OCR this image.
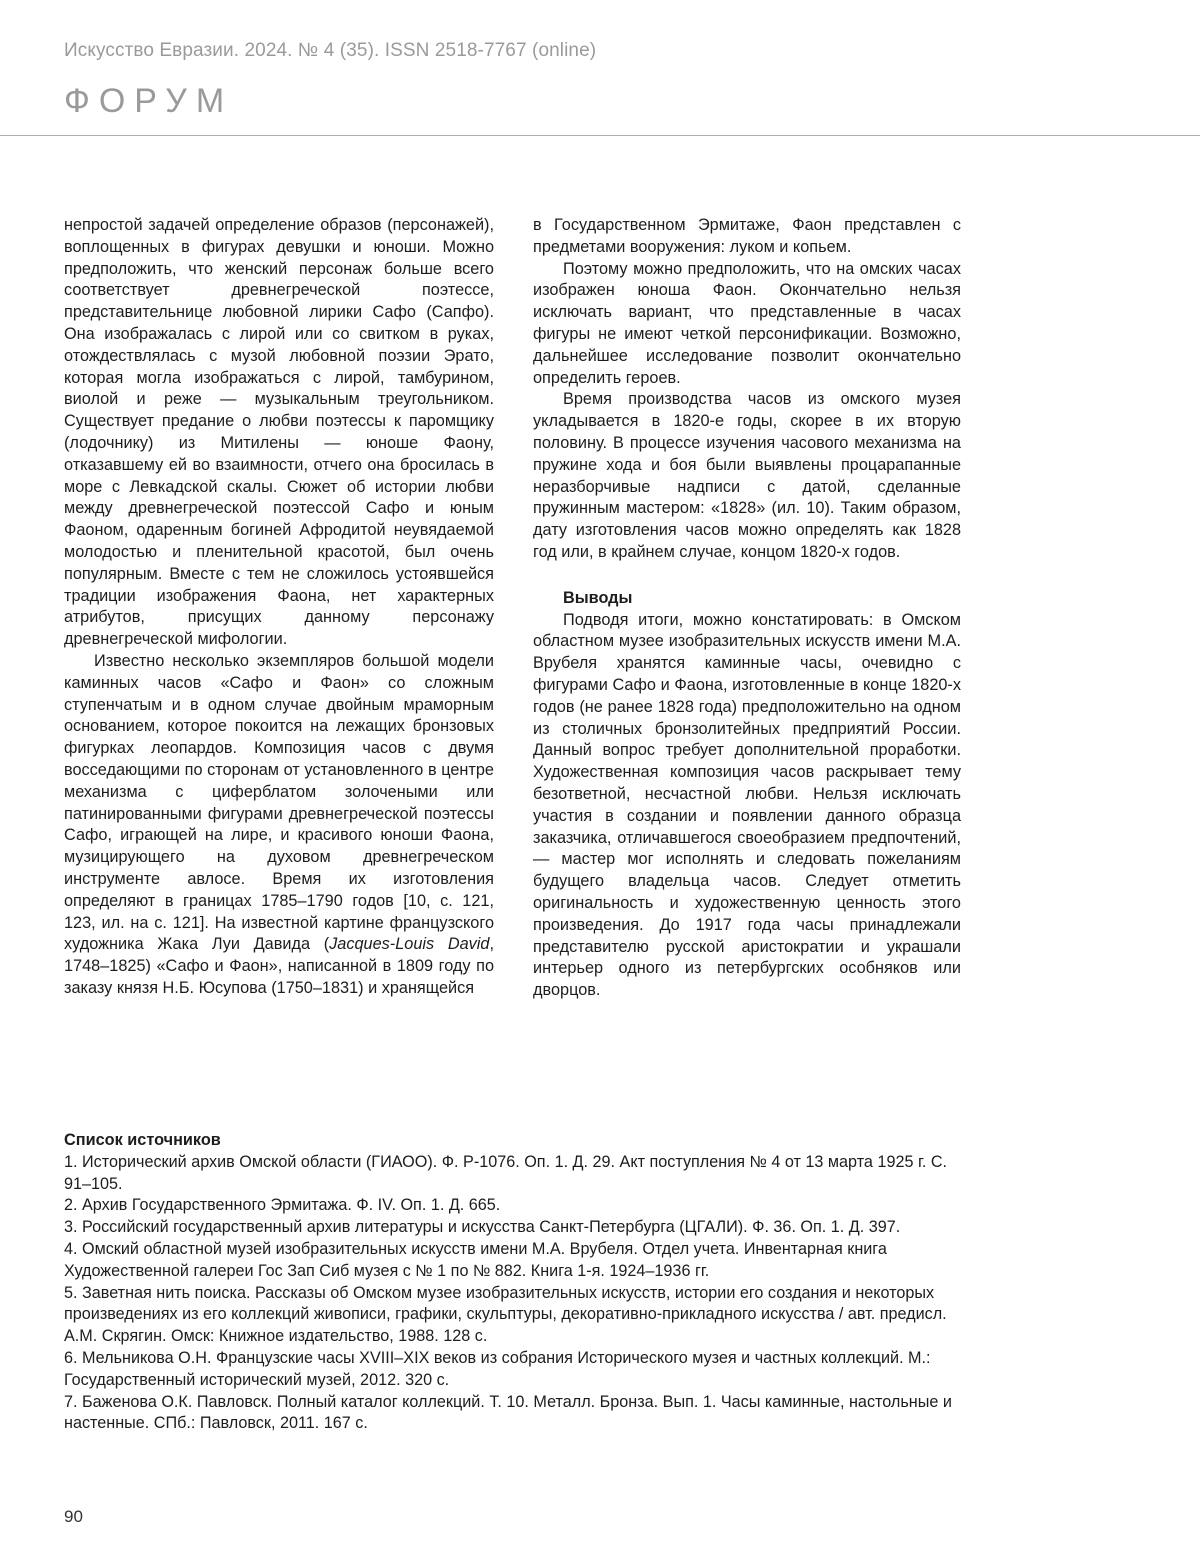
Искусство Евразии. 2024. № 4 (35). ISSN 2518-7767 (online)
ФОРУМ

непростой задачей определение образов (персонажей), воплощенных в фигурах девушки и юноши. Можно предположить, что женский персонаж больше всего соответствует древнегреческой поэтессе, представительнице любовной лирики Сафо (Сапфо). Она изображалась с лирой или со свитком в руках, отождествлялась с музой любовной поэзии Эрато, которая могла изображаться с лирой, тамбурином, виолой и реже — музыкальным треугольником. Существует предание о любви поэтессы к паромщику (лодочнику) из Митилены — юноше Фаону, отказавшему ей во взаимности, отчего она бросилась в море с Левкадской скалы. Сюжет об истории любви между древнегреческой поэтессой Сафо и юным Фаоном, одаренным богиней Афродитой неувядаемой молодостью и пленительной красотой, был очень популярным. Вместе с тем не сложилось устоявшейся традиции изображения Фаона, нет характерных атрибутов, присущих данному персонажу древнегреческой мифологии.

Известно несколько экземпляров большой модели каминных часов «Сафо и Фаон» со сложным ступенчатым и в одном случае двойным мраморным основанием, которое покоится на лежащих бронзовых фигурках леопардов. Композиция часов с двумя восседающими по сторонам от установленного в центре механизма с циферблатом золочеными или патинированными фигурами древнегреческой поэтессы Сафо, играющей на лире, и красивого юноши Фаона, музицирующего на духовом древнегреческом инструменте авлосе. Время их изготовления определяют в границах 1785–1790 годов [10, с. 121, 123, ил. на с. 121]. На известной картине французского художника Жака Луи Давида (Jacques-Louis David, 1748–1825) «Сафо и Фаон», написанной в 1809 году по заказу князя Н.Б. Юсупова (1750–1831) и хранящейся

в Государственном Эрмитаже, Фаон представлен с предметами вооружения: луком и копьем.

Поэтому можно предположить, что на омских часах изображен юноша Фаон. Окончательно нельзя исключать вариант, что представленные в часах фигуры не имеют четкой персонификации. Возможно, дальнейшее исследование позволит окончательно определить героев.

Время производства часов из омского музея укладывается в 1820-е годы, скорее в их вторую половину. В процессе изучения часового механизма на пружине хода и боя были выявлены процарапанные неразборчивые надписи с датой, сделанные пружинным мастером: «1828» (ил. 10). Таким образом, дату изготовления часов можно определять как 1828 год или, в крайнем случае, концом 1820-х годов.

Выводы

Подводя итоги, можно констатировать: в Омском областном музее изобразительных искусств имени М.А. Врубеля хранятся каминные часы, очевидно с фигурами Сафо и Фаона, изготовленные в конце 1820-х годов (не ранее 1828 года) предположительно на одном из столичных бронзолитейных предприятий России. Данный вопрос требует дополнительной проработки. Художественная композиция часов раскрывает тему безответной, несчастной любви. Нельзя исключать участия в создании и появлении данного образца заказчика, отличавшегося своеобразием предпочтений,— мастер мог исполнять и следовать пожеланиям будущего владельца часов. Следует отметить оригинальность и художественную ценность этого произведения. До 1917 года часы принадлежали представителю русской аристократии и украшали интерьер одного из петербургских особняков или дворцов.

Список источников
1. Исторический архив Омской области (ГИАОО). Ф. Р-1076. Оп. 1. Д. 29. Акт поступления № 4 от 13 марта 1925 г. С. 91–105.
2. Архив Государственного Эрмитажа. Ф. IV. Оп. 1. Д. 665.
3. Российский государственный архив литературы и искусства Санкт-Петербурга (ЦГАЛИ). Ф. 36. Оп. 1. Д. 397.
4. Омский областной музей изобразительных искусств имени М.А. Врубеля. Отдел учета. Инвентарная книга Художественной галереи Гос Зап Сиб музея с № 1 по № 882. Книга 1-я. 1924–1936 гг.
5. Заветная нить поиска. Рассказы об Омском музее изобразительных искусств, истории его создания и некоторых произведениях из его коллекций живописи, графики, скульптуры, декоративно-прикладного искусства / авт. предисл. А.М. Скрягин. Омск: Книжное издательство, 1988. 128 с.
6. Мельникова О.Н. Французские часы XVIII–XIX веков из собрания Исторического музея и частных коллекций. М.: Государственный исторический музей, 2012. 320 с.
7. Баженова О.К. Павловск. Полный каталог коллекций. Т. 10. Металл. Бронза. Вып. 1. Часы каминные, настольные и настенные. СПб.: Павловск, 2011. 167 с.
90
